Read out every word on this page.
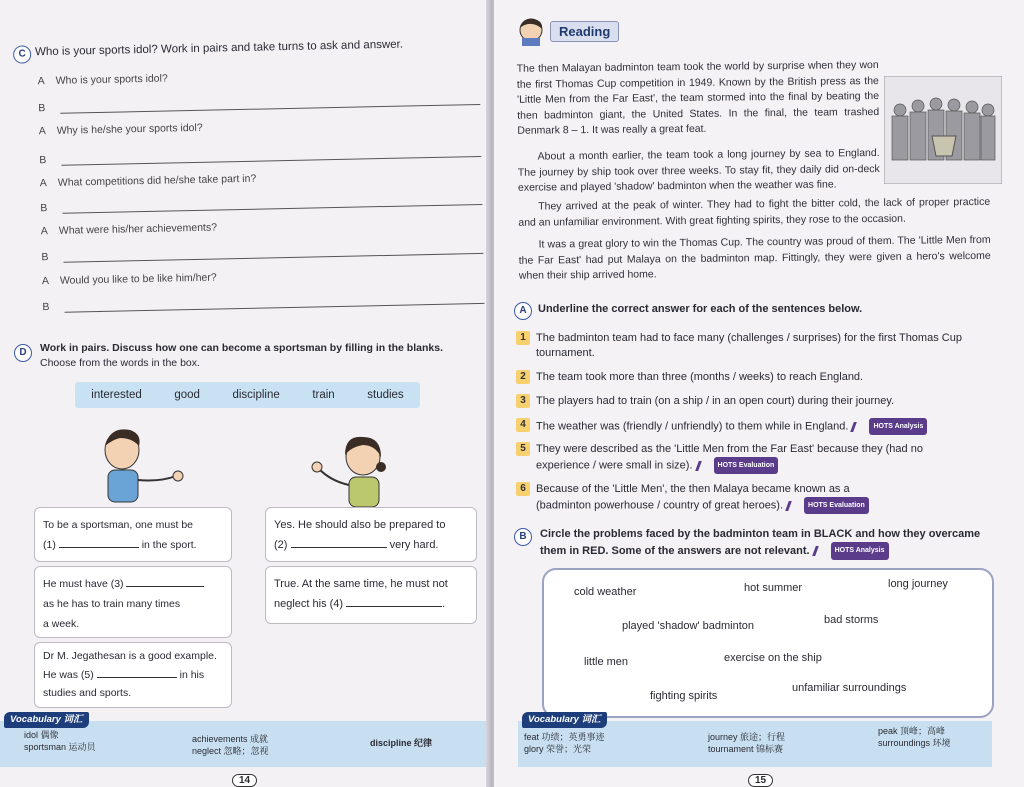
C Who is your sports idol? Work in pairs and take turns to ask and answer.
A Who is your sports idol?
B
A Why is he/she your sports idol?
B
A What competitions did he/she take part in?
B
A What were his/her achievements?
B
A Would you like to be like him/her?
B
D	Work in pairs. Discuss how one can become a sportsman by filling in the blanks.
Choose from the words in the box.
interested	good	discipline	train	studies
To be a sportsman, one must be
(1)	in the sport.
Yes. He should also be prepared to
(2)	very hard.
He must have (3)
as he has to train many times
a week.
True. At the same time, he must not
neglect his (4)	.
Dr M. Jegathesan is a good example.
He was (5)	in his
studies and sports.
Vocabulary 词汇
idol 偶像
sportsman 运动员
achievements 成就
neglect 忽略；忽视
discipline 纪律
14
Reading

The then Malayan badminton team took the world by surprise when they won the first Thomas Cup competition in 1949. Known by the British press as the 'Little Men from the Far East', the team stormed into the final by beating the then badminton giant, the United States. In the final, the team trashed Denmark 8 – 1. It was really a great feat.

About a month earlier, the team took a long journey by sea to England. The journey by ship took over three weeks. To stay fit, they daily did on-deck exercise and played 'shadow' badminton when the weather was fine.

They arrived at the peak of winter. They had to fight the bitter cold, the lack of proper practice and an unfamiliar environment. With great fighting spirits, they rose to the occasion.

It was a great glory to win the Thomas Cup. The country was proud of them. The 'Little Men from the Far East' had put Malaya on the badminton map. Fittingly, they were given a hero's welcome when their ship arrived home.

A	Underline the correct answer for each of the sentences below.
1 The badminton team had to face many (challenges / surprises) for the first Thomas Cup tournament.
2 The team took more than three (months / weeks) to reach England.
3 The players had to train (on a ship / in an open court) during their journey.
4 The weather was (friendly / unfriendly) to them while in England.	HOTS Analysis
5 They were described as the 'Little Men from the Far East' because they (had no experience / were small in size).	HOTS Evaluation
6 Because of the 'Little Men', the then Malaya became known as a (badminton powerhouse / country of great heroes).	HOTS Evaluation
B	Circle the problems faced by the badminton team in BLACK and how they overcame them in RED. Some of the answers are not relevant.	HOTS Analysis
cold weather	hot summer	long journey
played 'shadow' badminton	bad storms
little men	exercise on the ship
fighting spirits
unfamiliar surroundings
Vocabulary 词汇
feat 功绩；英勇事迹
glory 荣誉；光荣
journey 旅途；行程
tournament 锦标赛
peak 顶峰；高峰
surroundings 环境
15
